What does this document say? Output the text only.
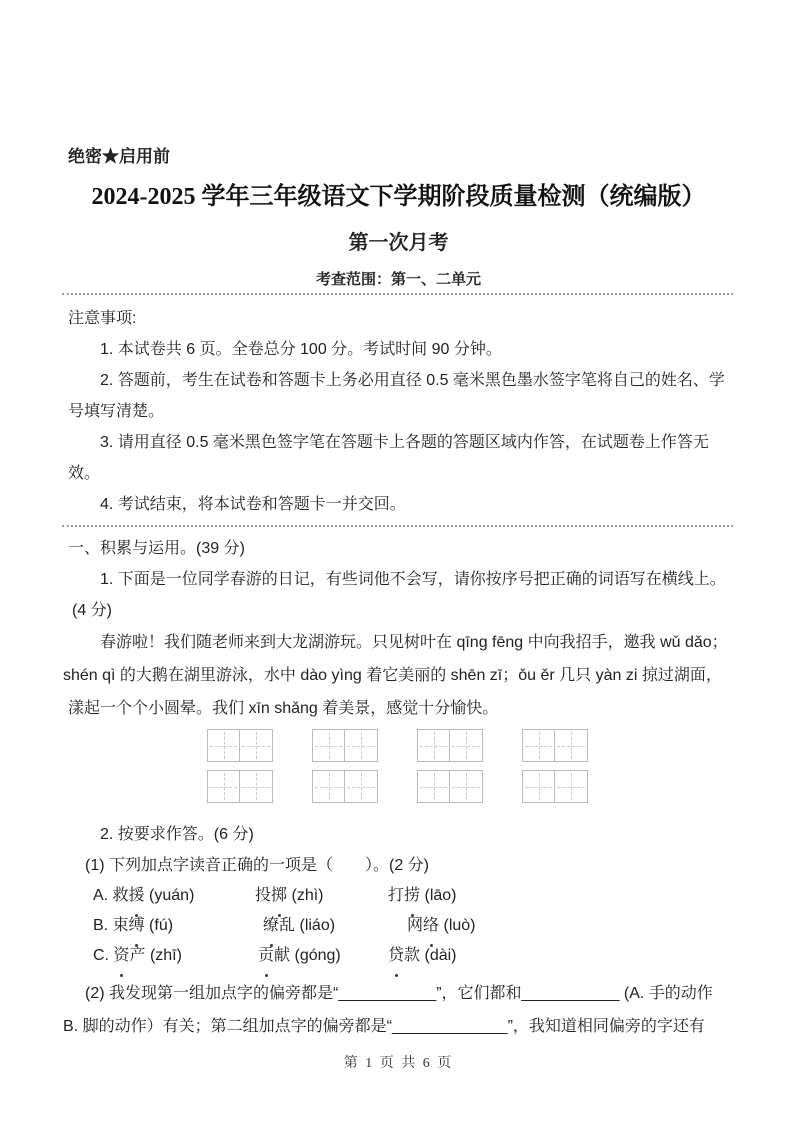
绝密★启用前
2024-2025 学年三年级语文下学期阶段质量检测（统编版）
第一次月考
考查范围：第一、二单元
注意事项:
1. 本试卷共 6 页。全卷总分 100 分。考试时间 90 分钟。
2. 答题前，考生在试卷和答题卡上务必用直径 0.5 毫米黑色墨水签字笔将自己的姓名、学
号填写清楚。
3. 请用直径 0.5 毫米黑色签字笔在答题卡上各题的答题区域内作答，在试题卷上作答无
效。
4. 考试结束，将本试卷和答题卡一并交回。
一、积累与运用。(39 分)
1. 下面是一位同学春游的日记，有些词他不会写，请你按序号把正确的词语写在横线上。
(4 分)
春游啦！我们随老师来到大龙湖游玩。只见树叶在 qīng fēng 中向我招手，邀我 wǔ dǎo；
shén qì 的大鹅在湖里游泳，水中 dào yìng 着它美丽的 shēn zī；ǒu ěr 几只 yàn zi 掠过湖面，
漾起一个个小圆晕。我们 xīn shǎng 着美景，感觉十分愉快。
2. 按要求作答。(6 分)
(1) 下列加点字读音正确的一项是（　　）。(2 分)
A. 救援 (yuán)	投掷 (zhì)	打捞 (lāo)
B. 束缚 (fú)	缭乱 (liáo)	网络 (luò)
C. 资产 (zhī)	贡献 (góng)	贷款 (dài)
(2) 我发现第一组加点字的偏旁都是“___________”，它们都和___________ (A. 手的动作
B. 脚的动作）有关；第二组加点字的偏旁都是“_____________”，我知道相同偏旁的字还有
第 1 页 共 6 页
